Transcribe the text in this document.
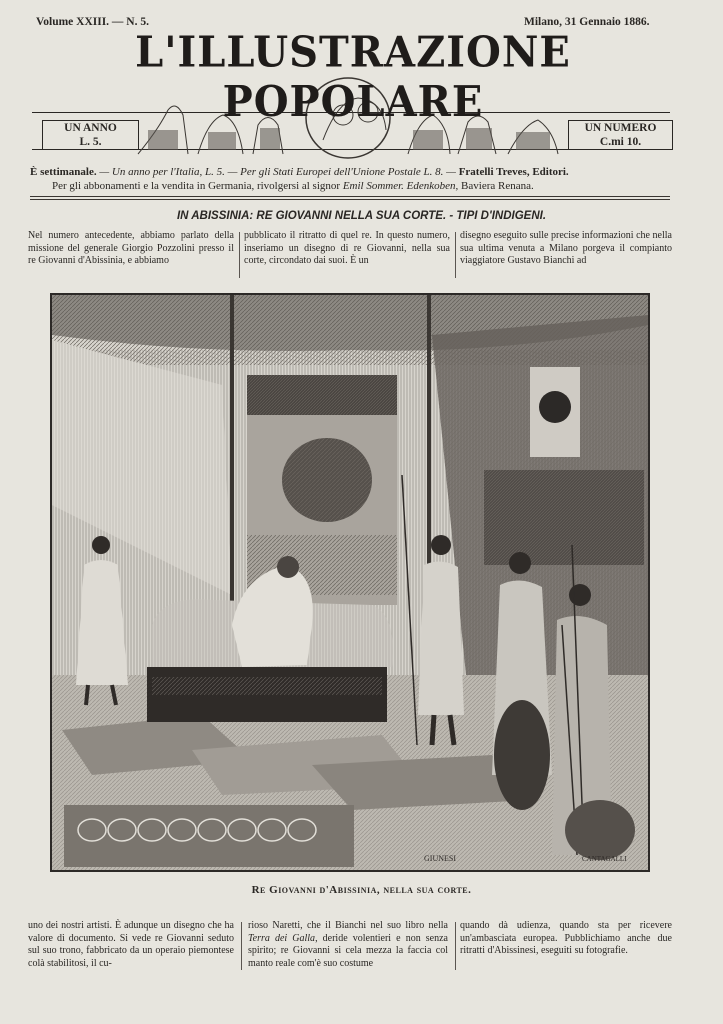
Volume XXIII. — N. 5.	Milano, 31 Gennaio 1886.
L'ILLUSTRAZIONE POPOLARE
UN ANNO
L. 5.
UN NUMERO
C.mi 10.
È settimanale. — Un anno per l'Italia, L. 5. — Per gli Stati Europei dell'Unione Postale L. 8. — Fratelli Treves, Editori.
Per gli abbonamenti e la vendita in Germania, rivolgersi al signor Emil Sommer. Edenkoben, Baviera Renana.
IN ABISSINIA: RE GIOVANNI NELLA SUA CORTE. - TIPI D'INDIGENI.
Nel numero antecedente, abbiamo parlato della missione del generale Giorgio Pozzolini presso il re Giovanni d'Abissinia, e abbiamo
pubblicato il ritratto di quel re. In questo numero, inseriamo un disegno di re Giovanni, nella sua corte, circondato dai suoi. È un
disegno eseguito sulle precise informazioni che nella sua ultima venuta a Milano porgeva il compianto viaggiatore Gustavo Bianchi ad
GIUNESI	CANTAGALLI
Re Giovanni d'Abissinia, nella sua corte.
uno dei nostri artisti. È adunque un disegno che ha valore di documento. Si vede re Giovanni seduto sul suo trono, fabbricato da un operaio piemontese colà stabilitosi, il cu-
rioso Naretti, che il Bianchi nel suo libro nella Terra dei Galla, deride volentieri e non senza spirito; re Giovanni si cela mezza la faccia col manto reale com'è suo costume
quando dà udienza, quando sta per ricevere un'ambasciata europea. Pubblichiamo anche due ritratti d'Abissinesi, eseguiti su fotografie.
